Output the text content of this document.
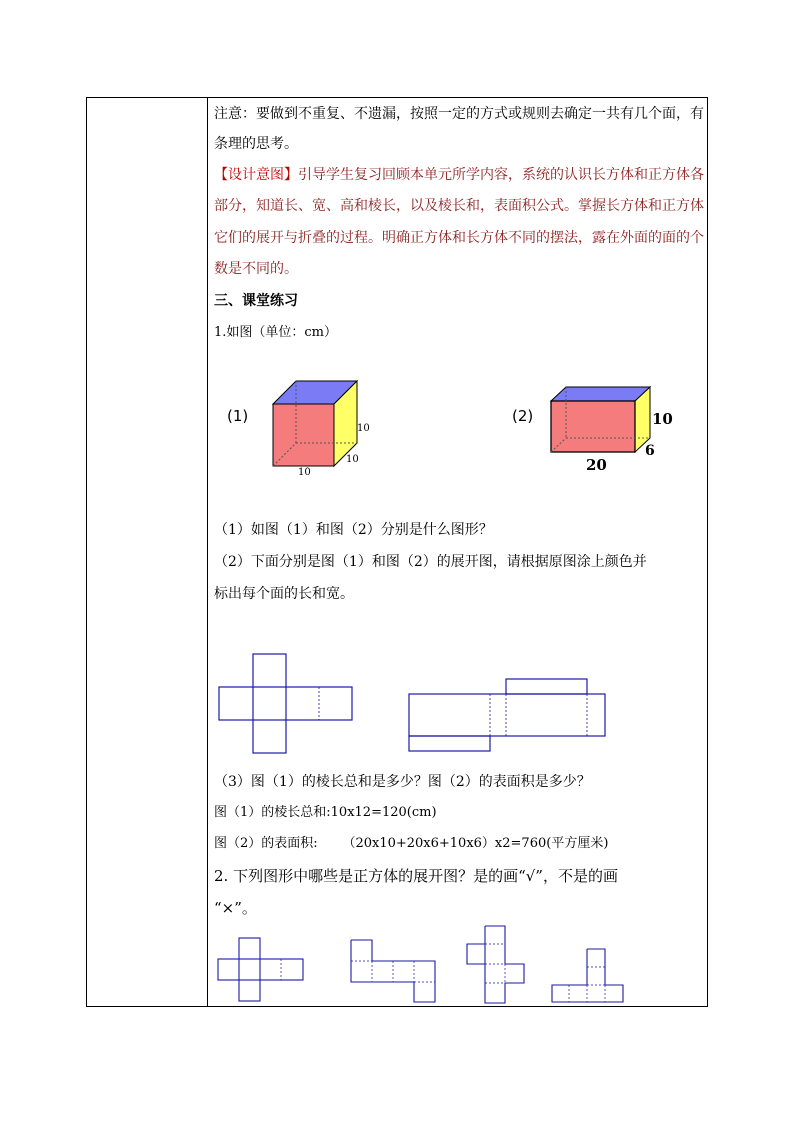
注意：要做到不重复、不遗漏，按照一定的方式或规则去确定一共有几个面，有
条理的思考。
【设计意图】引导学生复习回顾本单元所学内容，系统的认识长方体和正方体各
部分，知道长、宽、高和棱长，以及棱长和，表面积公式。掌握长方体和正方体
它们的展开与折叠的过程。明确正方体和长方体不同的摆法，露在外面的面的个
数是不同的。
三、课堂练习
1.如图（单位：cm）
(1)
10
10
10
(2)	10
6
20
（1）如图（1）和图（2）分别是什么图形？
（2）下面分别是图（1）和图（2）的展开图，请根据原图涂上颜色并
标出每个面的长和宽。
（3）图（1）的棱长总和是多少？图（2）的表面积是多少？
图（1）的棱长总和:10x12=120(cm)
图（2）的表面积:      （20x10+20x6+10x6）x2=760(平方厘米)
2. 下列图形中哪些是正方体的展开图？是的画“√”，不是的画
“×”。
